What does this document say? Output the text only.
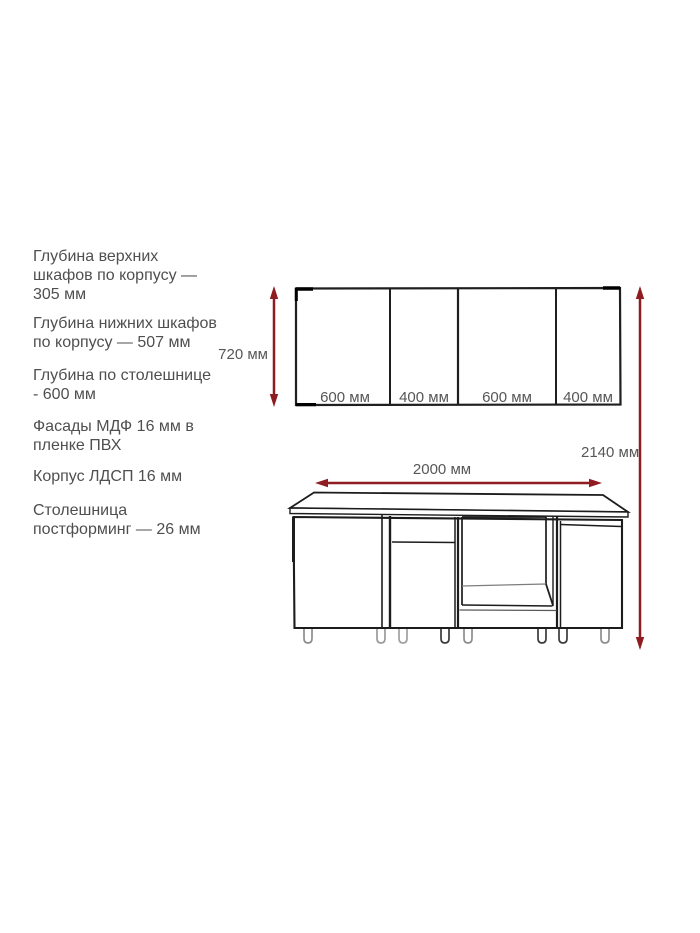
Глубина верхних
шкафов по корпусу —
305 мм

Глубина нижних шкафов
по корпусу — 507 мм

Глубина по столешнице
- 600 мм

Фасады МДФ 16 мм в
пленке ПВХ

Корпус ЛДСП 16 мм

Столешница
постформинг — 26 мм

720 мм
2140 мм
2000 мм
600 мм	400 мм	600 мм	400 мм
